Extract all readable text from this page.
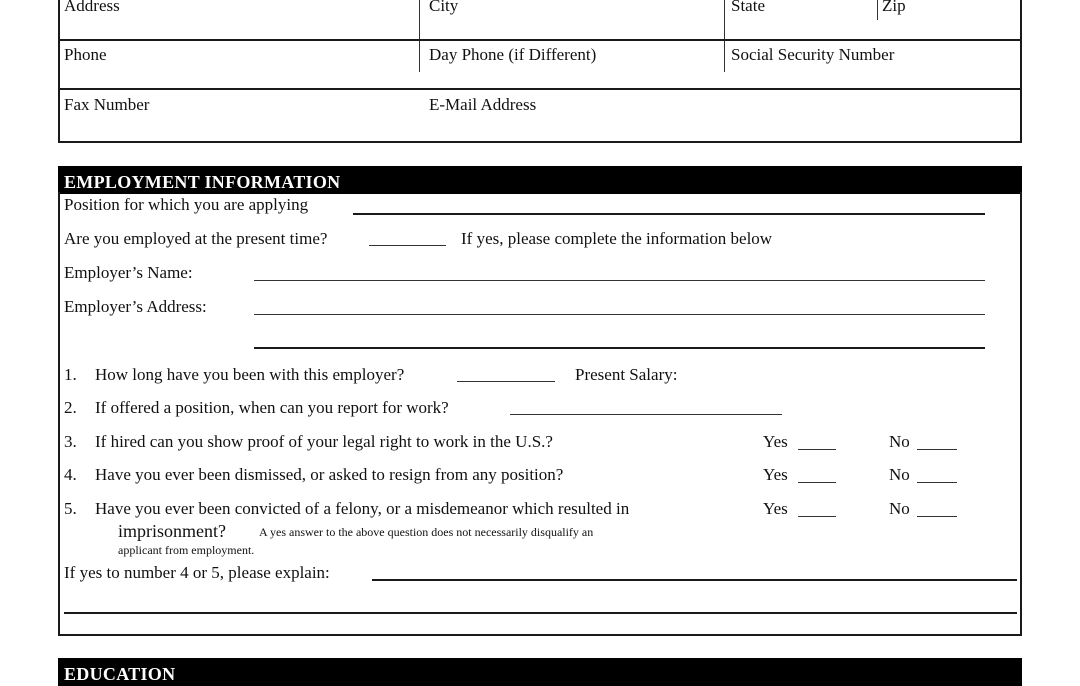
Address	City	State	Zip
Phone	Day Phone (if Different)	Social Security Number
Fax Number	E-Mail Address
EMPLOYMENT INFORMATION
Position for which you are applying
Are you employed at the present time?	If yes, please complete the information below
Employer’s Name:
Employer’s Address:
1. How long have you been with this employer?	Present Salary:
2. If offered a position, when can you report for work?
3. If hired can you show proof of your legal right to work in the U.S.?	Yes	No
4. Have you ever been dismissed, or asked to resign from any position?	Yes	No
5. Have you ever been convicted of a felony, or a misdemeanor which resulted in	Yes	No
imprisonment?	A yes answer to the above question does not necessarily disqualify an
applicant from employment.
If yes to number 4 or 5, please explain:
EDUCATION
